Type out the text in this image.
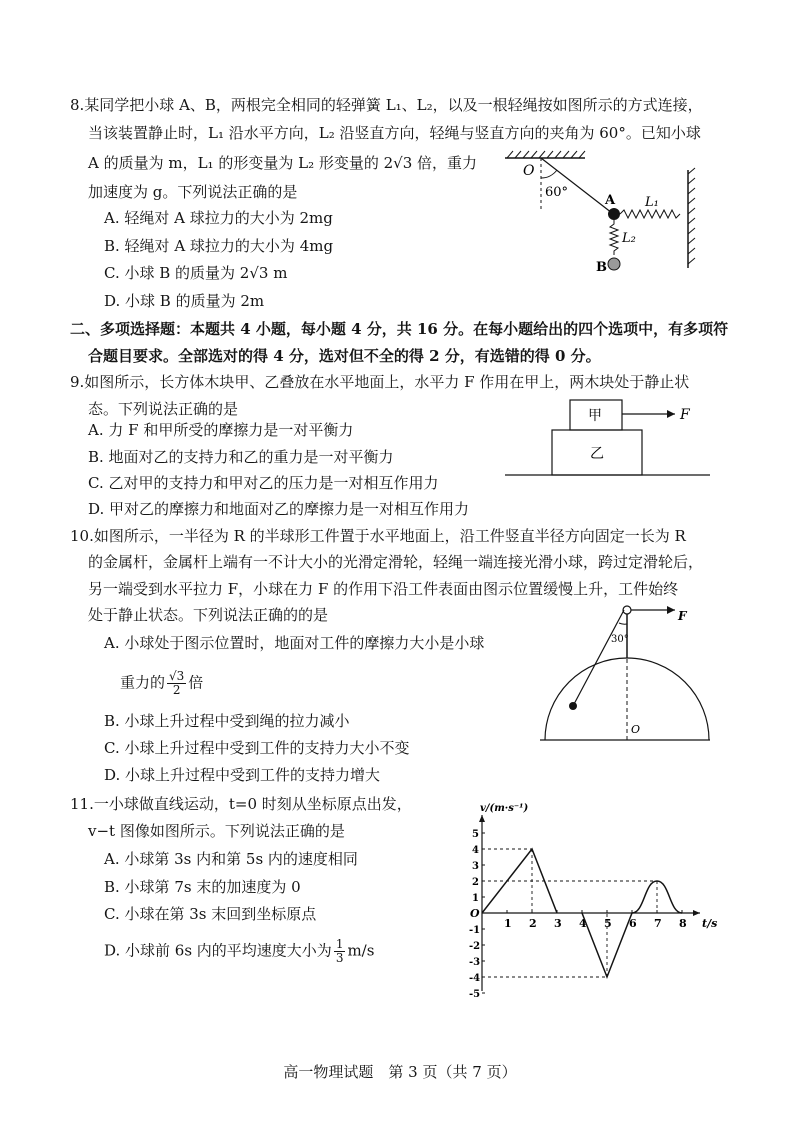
8.某同学把小球 A、B，两根完全相同的轻弹簧 L₁、L₂，以及一根轻绳按如图所示的方式连接，
当该装置静止时，L₁ 沿水平方向，L₂ 沿竖直方向，轻绳与竖直方向的夹角为 60°。已知小球
A 的质量为 m，L₁ 的形变量为 L₂ 形变量的 2√3 倍，重力
加速度为 g。下列说法正确的是
A. 轻绳对 A 球拉力的大小为 2mg
B. 轻绳对 A 球拉力的大小为 4mg
C. 小球 B 的质量为 2√3 m
D. 小球 B 的质量为 2m
O
60°
A L₁
L₂
B
二、多项选择题：本题共 4 小题，每小题 4 分，共 16 分。在每小题给出的四个选项中，有多项符
合题目要求。全部选对的得 4 分，选对但不全的得 2 分，有选错的得 0 分。
9.如图所示，长方体木块甲、乙叠放在水平地面上，水平力 F 作用在甲上，两木块处于静止状
态。下列说法正确的是
A. 力 F 和甲所受的摩擦力是一对平衡力
B. 地面对乙的支持力和乙的重力是一对平衡力
C. 乙对甲的支持力和甲对乙的压力是一对相互作用力
D. 甲对乙的摩擦力和地面对乙的摩擦力是一对相互作用力
甲	F
乙
10.如图所示，一半径为 R 的半球形工件置于水平地面上，沿工件竖直半径方向固定一长为 R
的金属杆，金属杆上端有一不计大小的光滑定滑轮，轻绳一端连接光滑小球，跨过定滑轮后，
另一端受到水平拉力 F，小球在力 F 的作用下沿工件表面由图示位置缓慢上升，工件始终
处于静止状态。下列说法正确的的是
A. 小球处于图示位置时，地面对工件的摩擦力大小是小球
重力的 $\frac{√3}{2}$ 倍
B. 小球上升过程中受到绳的拉力减小
C. 小球上升过程中受到工件的支持力大小不变
D. 小球上升过程中受到工件的支持力增大
F
30°
O
11.一小球做直线运动，t=0 时刻从坐标原点出发，
v−t 图像如图所示。下列说法正确的是
A. 小球第 3s 内和第 5s 内的速度相同
B. 小球第 7s 末的加速度为 0
C. 小球在第 3s 末回到坐标原点
D. 小球前 6s 内的平均速度大小为 $\frac{1}{3} m/s$
1 2 3 4 5 6 7 8
5
4
3
2
1
-1
-2
-3
-4
-5
t/s
v/(m·s⁻¹)
O
高一物理试题　第 3 页（共 7 页）
